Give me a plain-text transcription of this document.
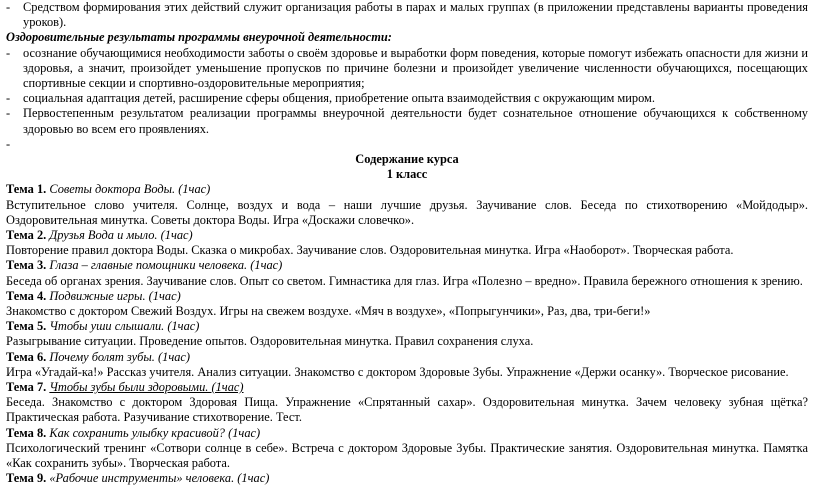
-	Средством формирования этих действий служит организация работы в парах и малых группах (в приложении представлены варианты проведения уроков).
Оздоровительные результаты программы внеурочной деятельности:
-	осознание обучающимися необходимости заботы о своём здоровье и выработки форм поведения, которые помогут избежать опасности для жизни и здоровья, а значит, произойдет уменьшение пропусков по причине болезни и произойдет увеличение численности обучающихся, посещающих спортивные секции и спортивно-оздоровительные мероприятия;
-	социальная адаптация детей, расширение сферы общения, приобретение опыта взаимодействия с окружающим миром.
-	Первостепенным результатом реализации программы внеурочной деятельности будет сознательное отношение обучающихся к собственному здоровью во всем его проявлениях.
-
Содержание курса
1 класс
Тема 1. Советы доктора Воды. (1час)
Вступительное слово учителя. Солнце, воздух и вода – наши лучшие друзья. Заучивание слов. Беседа по стихотворению «Мойдодыр». Оздоровительная минутка. Советы доктора Воды. Игра «Доскажи словечко».
Тема 2. Друзья Вода и мыло. (1час)
Повторение правил доктора Воды. Сказка о микробах. Заучивание слов. Оздоровительная минутка. Игра «Наоборот». Творческая работа.
Тема 3. Глаза – главные помощники человека. (1час)
Беседа об органах зрения. Заучивание слов. Опыт со светом. Гимнастика для глаз. Игра «Полезно – вредно». Правила бережного отношения к зрению.
Тема 4. Подвижные игры. (1час)
Знакомство с доктором Свежий Воздух. Игры на свежем воздухе. «Мяч в воздухе», «Попрыгунчики», Раз, два, три-беги!»
Тема 5. Чтобы уши слышали. (1час)
Разыгрывание ситуации. Проведение опытов. Оздоровительная минутка. Правил сохранения слуха.
Тема 6. Почему болят зубы. (1час)
Игра «Угадай-ка!» Рассказ учителя. Анализ ситуации. Знакомство с доктором Здоровые Зубы. Упражнение «Держи осанку». Творческое рисование.
Тема 7. Чтобы зубы были здоровыми. (1час)
Беседа. Знакомство с доктором Здоровая Пища. Упражнение «Спрятанный сахар». Оздоровительная минутка. Зачем человеку зубная щётка? Практическая работа. Разучивание стихотворение. Тест.
Тема 8. Как сохранить улыбку красивой? (1час)
Психологический тренинг «Сотвори солнце в себе». Встреча с доктором Здоровые Зубы. Практические занятия. Оздоровительная минутка. Памятка «Как сохранить зубы». Творческая работа.
Тема 9. «Рабочие инструменты» человека. (1час)
